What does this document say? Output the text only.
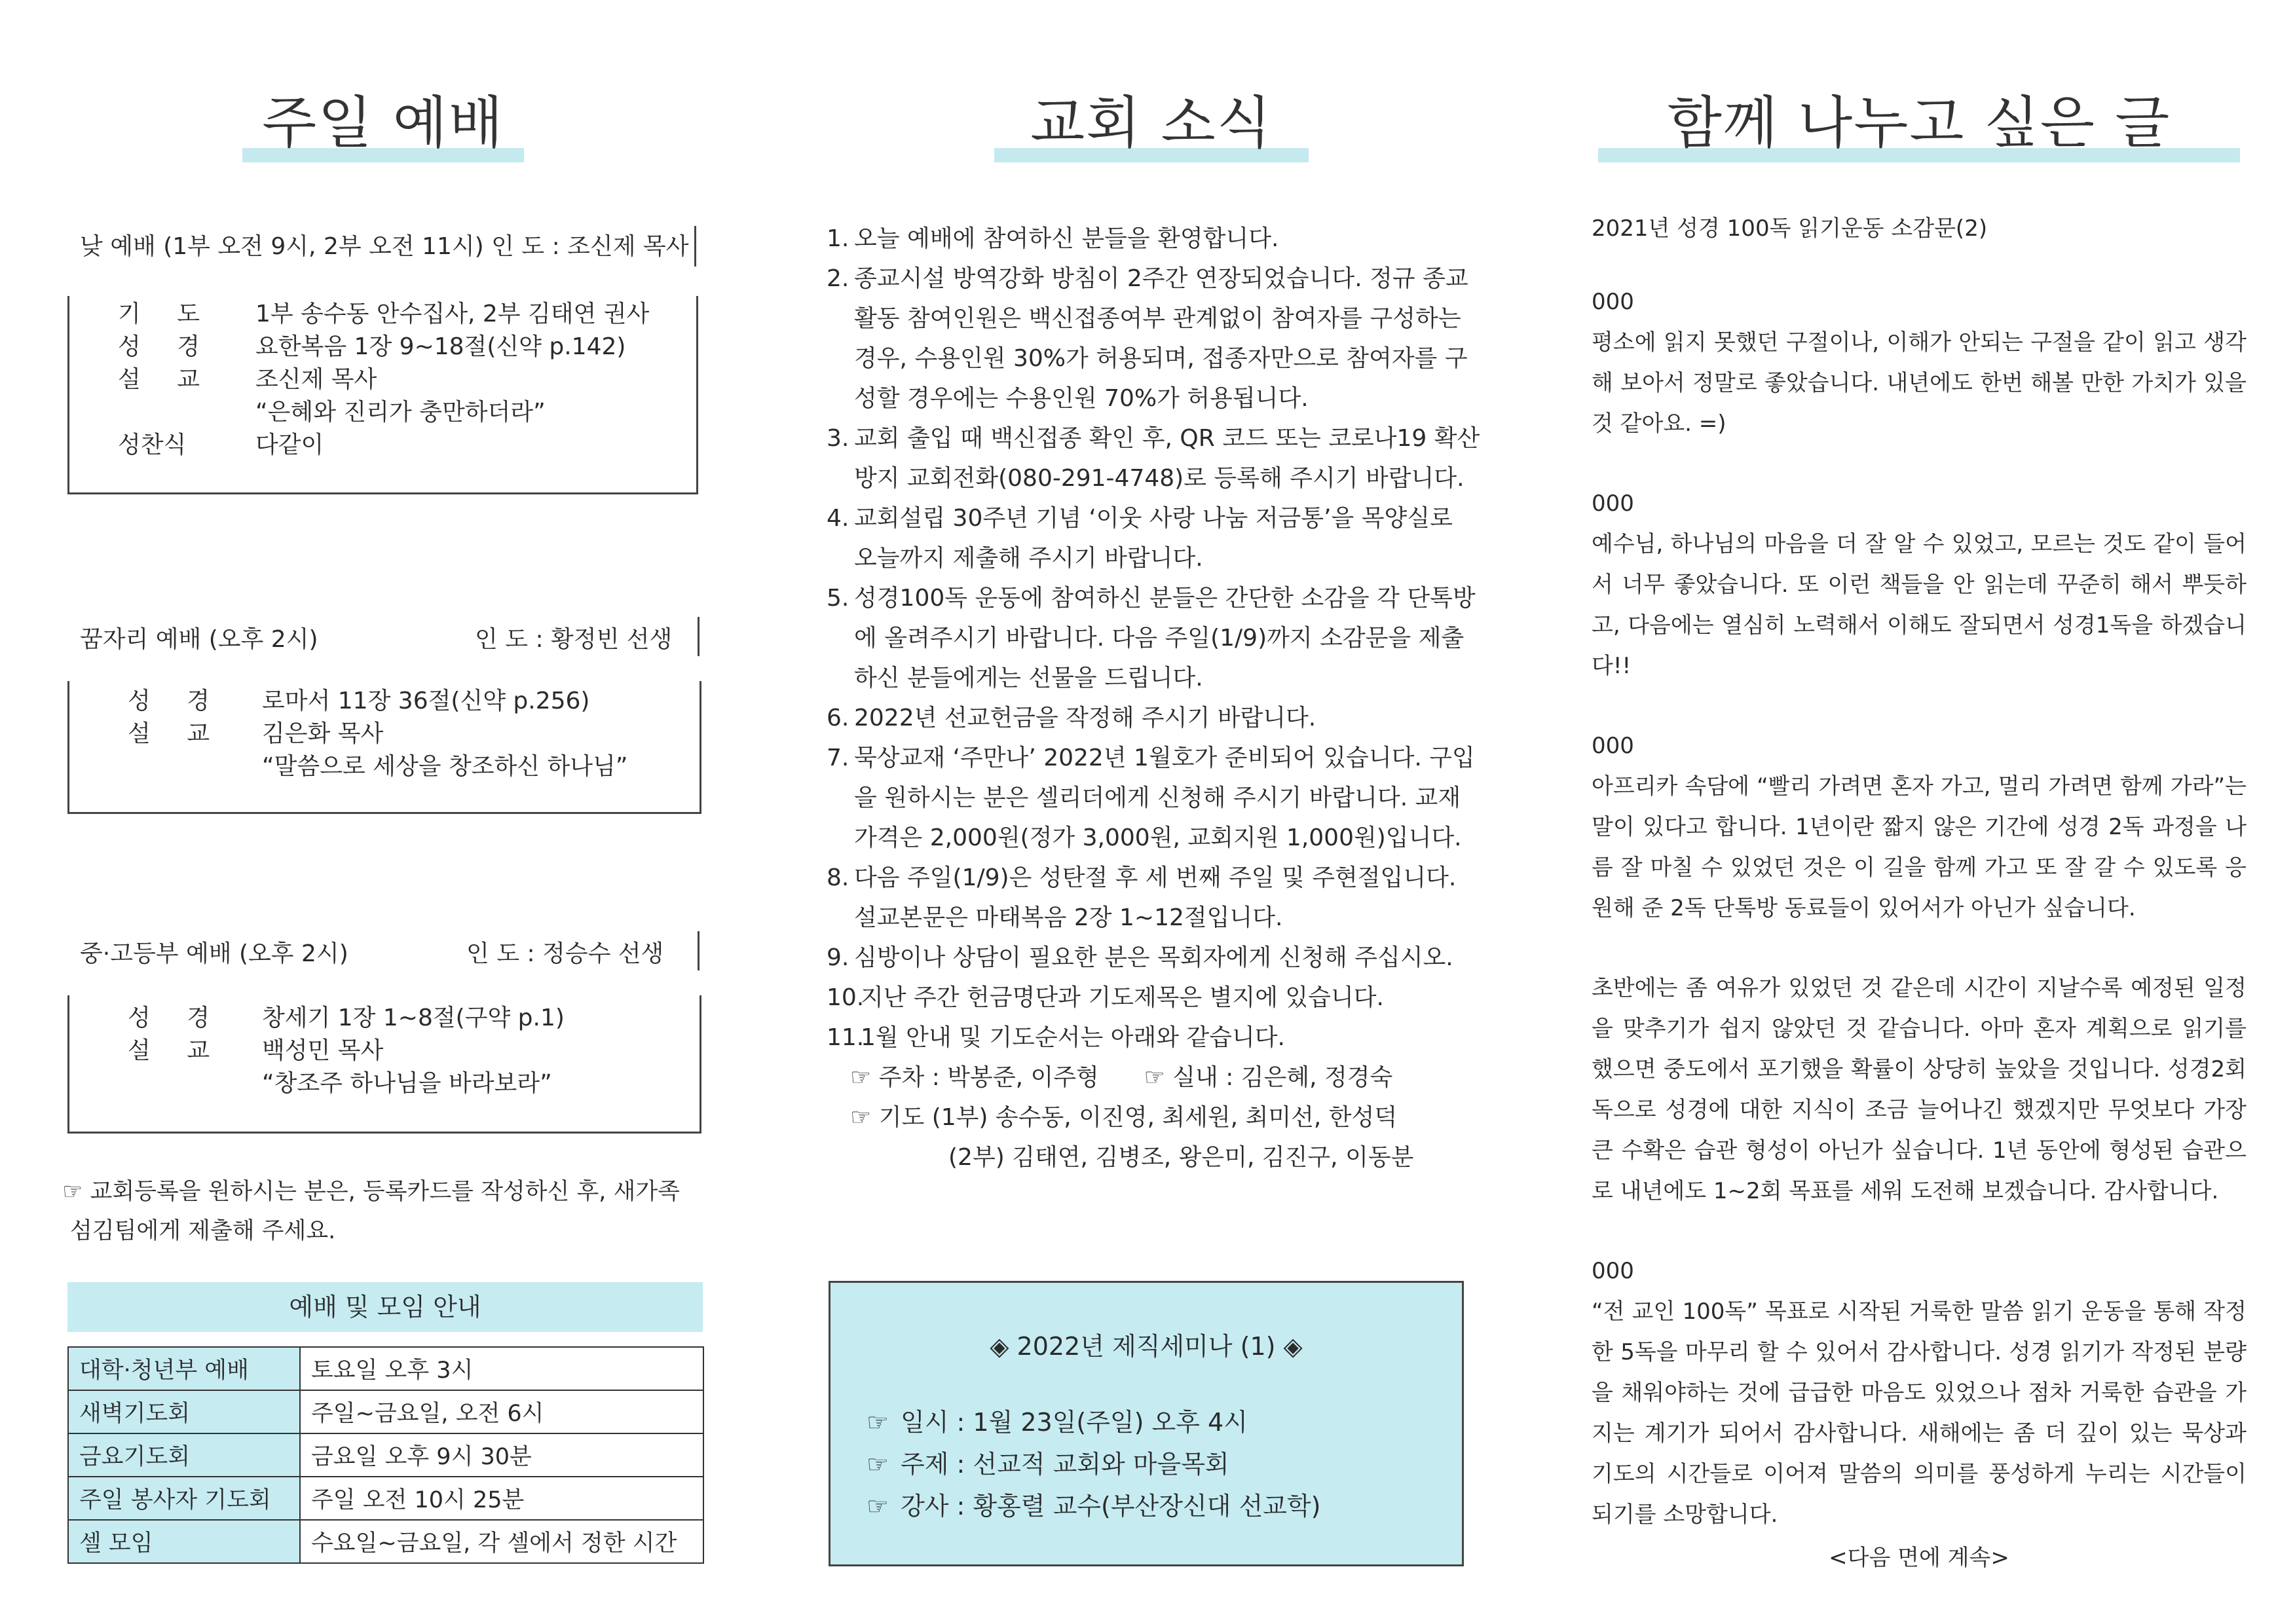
주일 예배	교회 소식	함께 나누고 싶은 글
낮 예배 (1부 오전 9시, 2부 오전 11시) 인 도 : 조신제 목사
기 도	1부 송수동 안수집사, 2부 김태연 권사
성 경	요한복음 1장 9~18절(신약 p.142)
설 교	조신제 목사
“은혜와 진리가 충만하더라”
성찬식	다같이
꿈자리 예배 (오후 2시)	인 도 : 황정빈 선생
성 경	로마서 11장 36절(신약 p.256)
설 교	김은화 목사
“말씀으로 세상을 창조하신 하나님”
중·고등부 예배 (오후 2시)	인 도 : 정승수 선생
성 경	창세기 1장 1~8절(구약 p.1)
설 교	백성민 목사
“창조주 하나님을 바라보라”
☞ 교회등록을 원하시는 분은, 등록카드를 작성하신 후, 새가족
섬김팀에게 제출해 주세요.
예배 및 모임 안내
대학·청년부 예배	토요일 오후 3시
새벽기도회	주일~금요일, 오전 6시
금요기도회	금요일 오후 9시 30분
주일 봉사자 기도회	주일 오전 10시 25분
셀 모임	수요일~금요일, 각 셀에서 정한 시간
1. 오늘 예배에 참여하신 분들을 환영합니다.
2. 종교시설 방역강화 방침이 2주간 연장되었습니다. 정규 종교활동 참여인원은 백신접종여부 관계없이 참여자를 구성하는 경우, 수용인원 30%가 허용되며, 접종자만으로 참여자를 구성할 경우에는 수용인원 70%가 허용됩니다.
3. 교회 출입 때 백신접종 확인 후, QR 코드 또는 코로나19 확산 방지 교회전화(080-291-4748)로 등록해 주시기 바랍니다.
4. 교회설립 30주년 기념 ‘이웃 사랑 나눔 저금통’을 목양실로 오늘까지 제출해 주시기 바랍니다.
5. 성경100독 운동에 참여하신 분들은 간단한 소감을 각 단톡방에 올려주시기 바랍니다. 다음 주일(1/9)까지 소감문을 제출하신 분들에게는 선물을 드립니다.
6. 2022년 선교헌금을 작정해 주시기 바랍니다.
7. 묵상교재 ‘주만나’ 2022년 1월호가 준비되어 있습니다. 구입을 원하시는 분은 셀리더에게 신청해 주시기 바랍니다. 교재 가격은 2,000원(정가 3,000원, 교회지원 1,000원)입니다.
8. 다음 주일(1/9)은 성탄절 후 세 번째 주일 및 주현절입니다. 설교본문은 마태복음 2장 1~12절입니다.
9. 심방이나 상담이 필요한 분은 목회자에게 신청해 주십시오.
10.
지난 주간 헌금명단과 기도제목은 별지에 있습니다.
11.
1월 안내 및 기도순서는 아래와 같습니다.
☞ 주차 : 박봉준, 이주형      ☞ 실내 : 김은혜, 정경숙
☞ 기도 (1부) 송수동, 이진영, 최세원, 최미선, 한성덕
(2부) 김태연, 김병조, 왕은미, 김진구, 이동분
◈ 2022년 제직세미나 (1) ◈
☞ 일시 : 1월 23일(주일) 오후 4시
☞ 주제 : 선교적 교회와 마을목회
☞ 강사 : 황홍렬 교수(부산장신대 선교학)

2021년 성경 100독 읽기운동 소감문(2)

000

평소에 읽지 못했던 구절이나, 이해가 안되는 구절을 같이 읽고 생각해 보아서 정말로 좋았습니다. 내년에도 한번 해볼 만한 가치가 있을 것 같아요. =)

000

예수님, 하나님의 마음을 더 잘 알 수 있었고, 모르는 것도 같이 들어서 너무 좋았습니다. 또 이런 책들을 안 읽는데 꾸준히 해서 뿌듯하고, 다음에는 열심히 노력해서 이해도 잘되면서 성경1독을 하겠습니다!!

000

아프리카 속담에 “빨리 가려면 혼자 가고, 멀리 가려면 함께 가라”는 말이 있다고 합니다. 1년이란 짧지 않은 기간에 성경 2독 과정을 나름 잘 마칠 수 있었던 것은 이 길을 함께 가고 또 잘 갈 수 있도록 응원해 준 2독 단톡방 동료들이 있어서가 아닌가 싶습니다.

초반에는 좀 여유가 있었던 것 같은데 시간이 지날수록 예정된 일정을 맞추기가 쉽지 않았던 것 같습니다. 아마 혼자 계획으로 읽기를 했으면 중도에서 포기했을 확률이 상당히 높았을 것입니다. 성경2회독으로 성경에 대한 지식이 조금 늘어나긴 했겠지만 무엇보다 가장 큰 수확은 습관 형성이 아닌가 싶습니다. 1년 동안에 형성된 습관으로 내년에도 1~2회 목표를 세워 도전해 보겠습니다. 감사합니다.

000

“전 교인 100독” 목표로 시작된 거룩한 말씀 읽기 운동을 통해 작정한 5독을 마무리 할 수 있어서 감사합니다. 성경 읽기가 작정된 분량을 채워야하는 것에 급급한 마음도 있었으나 점차 거룩한 습관을 가지는 계기가 되어서 감사합니다. 새해에는 좀 더 깊이 있는 묵상과 기도의 시간들로 이어져 말씀의 의미를 풍성하게 누리는 시간들이 되기를 소망합니다.

<다음 면에 계속>
